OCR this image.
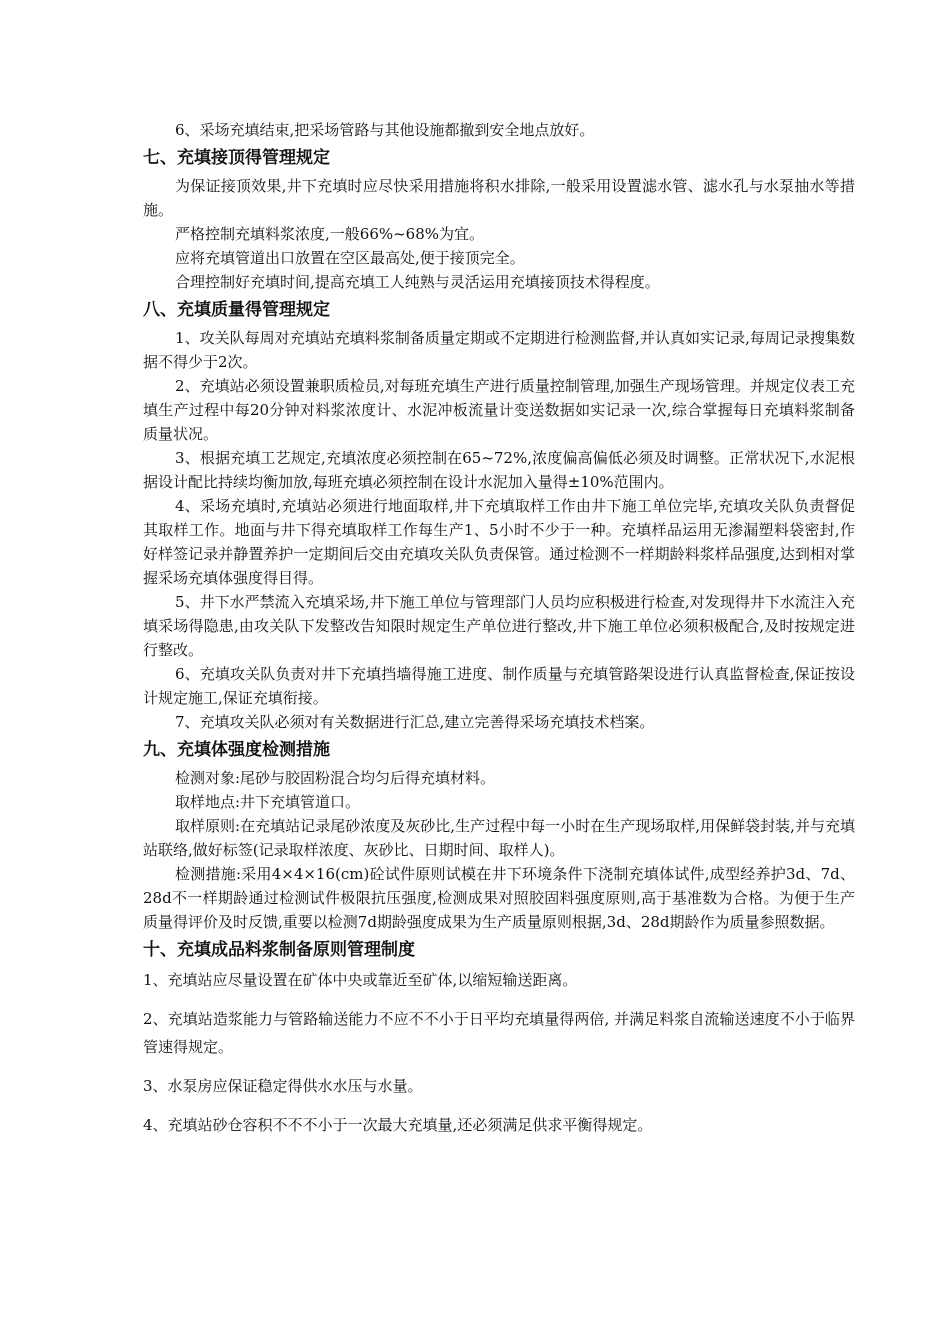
6、采场充填结束,把采场管路与其他设施都撤到安全地点放好。

七、充填接顶得管理规定

为保证接顶效果,井下充填时应尽快采用措施将积水排除,一般采用设置滤水管、滤水孔与水泵抽水等措施。

严格控制充填料浆浓度,一般66%~68%为宜。

应将充填管道出口放置在空区最高处,便于接顶完全。

合理控制好充填时间,提高充填工人纯熟与灵活运用充填接顶技术得程度。

八、充填质量得管理规定

1、攻关队每周对充填站充填料浆制备质量定期或不定期进行检测监督,并认真如实记录,每周记录搜集数据不得少于2次。

2、充填站必须设置兼职质检员,对每班充填生产进行质量控制管理,加强生产现场管理。并规定仪表工充填生产过程中每20分钟对料浆浓度计、水泥冲板流量计变送数据如实记录一次,综合掌握每日充填料浆制备质量状况。

3、根据充填工艺规定,充填浓度必须控制在65~72%,浓度偏高偏低必须及时调整。正常状况下,水泥根据设计配比持续均衡加放,每班充填必须控制在设计水泥加入量得±10%范围内。

4、采场充填时,充填站必须进行地面取样,井下充填取样工作由井下施工单位完毕,充填攻关队负责督促其取样工作。地面与井下得充填取样工作每生产1、5小时不少于一种。充填样品运用无渗漏塑料袋密封,作好样签记录并静置养护一定期间后交由充填攻关队负责保管。通过检测不一样期龄料浆样品强度,达到相对掌握采场充填体强度得目得。

5、井下水严禁流入充填采场,井下施工单位与管理部门人员均应积极进行检查,对发现得井下水流注入充填采场得隐患,由攻关队下发整改告知限时规定生产单位进行整改,井下施工单位必须积极配合,及时按规定进行整改。

6、充填攻关队负责对井下充填挡墙得施工进度、制作质量与充填管路架设进行认真监督检查,保证按设计规定施工,保证充填衔接。

7、充填攻关队必须对有关数据进行汇总,建立完善得采场充填技术档案。

九、充填体强度检测措施

检测对象:尾砂与胶固粉混合均匀后得充填材料。

取样地点:井下充填管道口。

取样原则:在充填站记录尾砂浓度及灰砂比,生产过程中每一小时在生产现场取样,用保鲜袋封装,并与充填站联络,做好标签(记录取样浓度、灰砂比、日期时间、取样人)。

检测措施:采用4×4×16(cm)砼试件原则试模在井下环境条件下浇制充填体试件,成型经养护3d、7d、28d不一样期龄通过检测试件极限抗压强度,检测成果对照胶固料强度原则,高于基准数为合格。为便于生产质量得评价及时反馈,重要以检测7d期龄强度成果为生产质量原则根据,3d、28d期龄作为质量参照数据。

十、充填成品料浆制备原则管理制度

1、充填站应尽量设置在矿体中央或靠近至矿体,以缩短输送距离。

2、充填站造浆能力与管路输送能力不应不不小于日平均充填量得两倍, 并满足料浆自流输送速度不小于临界管速得规定。

3、水泵房应保证稳定得供水水压与水量。

4、充填站砂仓容积不不不小于一次最大充填量,还必须满足供求平衡得规定。
